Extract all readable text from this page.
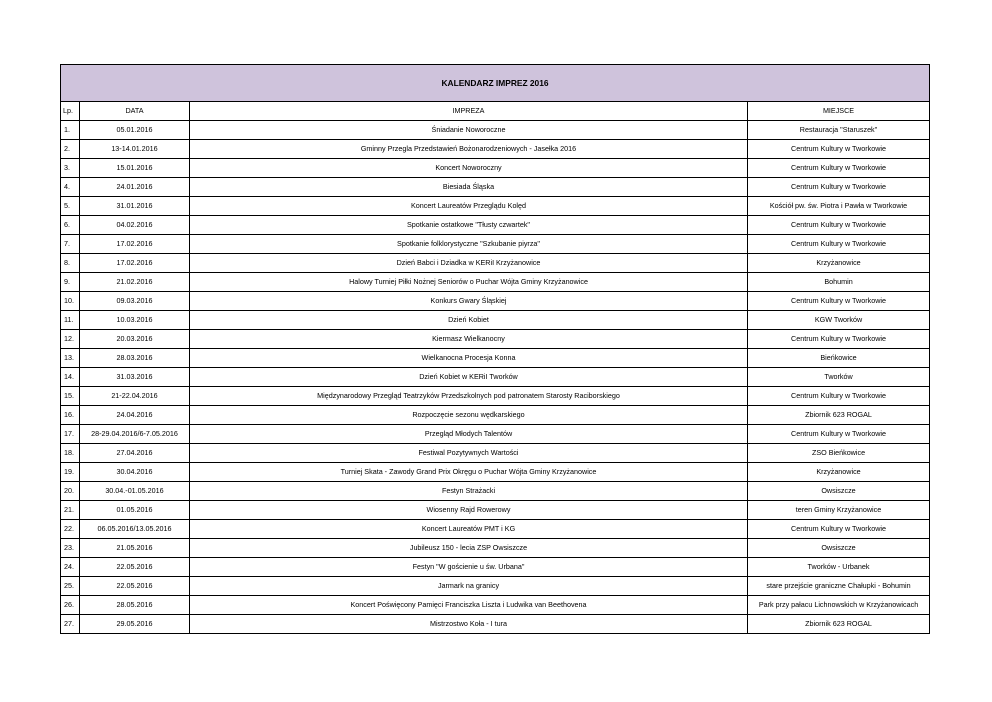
KALENDARZ IMPREZ 2016			
Lp.	DATA	IMPREZA	MIEJSCE
1.	05.01.2016	Śniadanie Noworoczne	Restauracja "Staruszek"
2.	13-14.01.2016	Gminny Przegla Przedstawień Bożonarodzeniowych - Jasełka 2016	Centrum Kultury w Tworkowie
3.	15.01.2016	Koncert Noworoczny	Centrum Kultury w Tworkowie
4.	24.01.2016	Biesiada Śląska	Centrum Kultury w Tworkowie
5.	31.01.2016	Koncert Laureatów Przeglądu Kolęd	Kościół pw. św. Piotra i Pawła w Tworkowie
6.	04.02.2016	Spotkanie ostatkowe "Tłusty czwartek"	Centrum Kultury w Tworkowie
7.	17.02.2016	Spotkanie folklorystyczne "Szkubanie piyrza"	Centrum Kultury w Tworkowie
8.	17.02.2016	Dzień Babci i Dziadka w KERiI Krzyżanowice	Krzyżanowice
9.	21.02.2016	Halowy Turniej Piłki Nożnej Seniorów o Puchar Wójta Gminy Krzyżanowice	Bohumin
10.	09.03.2016	Konkurs Gwary Śląskiej	Centrum Kultury w Tworkowie
11.	10.03.2016	Dzień Kobiet	KGW Tworków
12.	20.03.2016	Kiermasz Wielkanocny	Centrum Kultury w Tworkowie
13.	28.03.2016	Wielkanocna Procesja Konna	Bieńkowice
14.	31.03.2016	Dzień Kobiet w KERiI Tworków	Tworków
15.	21-22.04.2016	Międzynarodowy Przegląd Teatrzyków Przedszkolnych pod patronatem Starosty Raciborskiego	Centrum Kultury w Tworkowie
16.	24.04.2016	Rozpoczęcie sezonu wędkarskiego	Zbiornik 623 ROGAL
17.	28-29.04.2016/6-7.05.2016	Przegląd Młodych Talentów	Centrum Kultury w Tworkowie
18.	27.04.2016	Festiwal Pozytywnych Wartości	ZSO Bieńkowice
19.	30.04.2016	Turniej Skata - Zawody Grand Prix Okręgu o Puchar Wójta Gminy Krzyżanowice	Krzyżanowice
20.	30.04.-01.05.2016	Festyn Strażacki	Owsiszcze
21.	01.05.2016	Wiosenny Rajd Rowerowy	teren Gminy Krzyżanowice
22.	06.05.2016/13.05.2016	Koncert Laureatów PMT i KG	Centrum Kultury w Tworkowie
23.	21.05.2016	Jubileusz 150 - lecia ZSP Owsiszcze	Owsiszcze
24.	22.05.2016	Festyn "W gościenie u św. Urbana"	Tworków - Urbanek
25.	22.05.2016	Jarmark na granicy	stare przejście graniczne Chałupki - Bohumin
26.	28.05.2016	Koncert Poświęcony Pamięci Franciszka Liszta i Ludwika van Beethovena	Park przy pałacu Lichnowskich w Krzyżanowicach
27.	29.05.2016	Mistrzostwo Koła - I tura	Zbiornik 623 ROGAL
